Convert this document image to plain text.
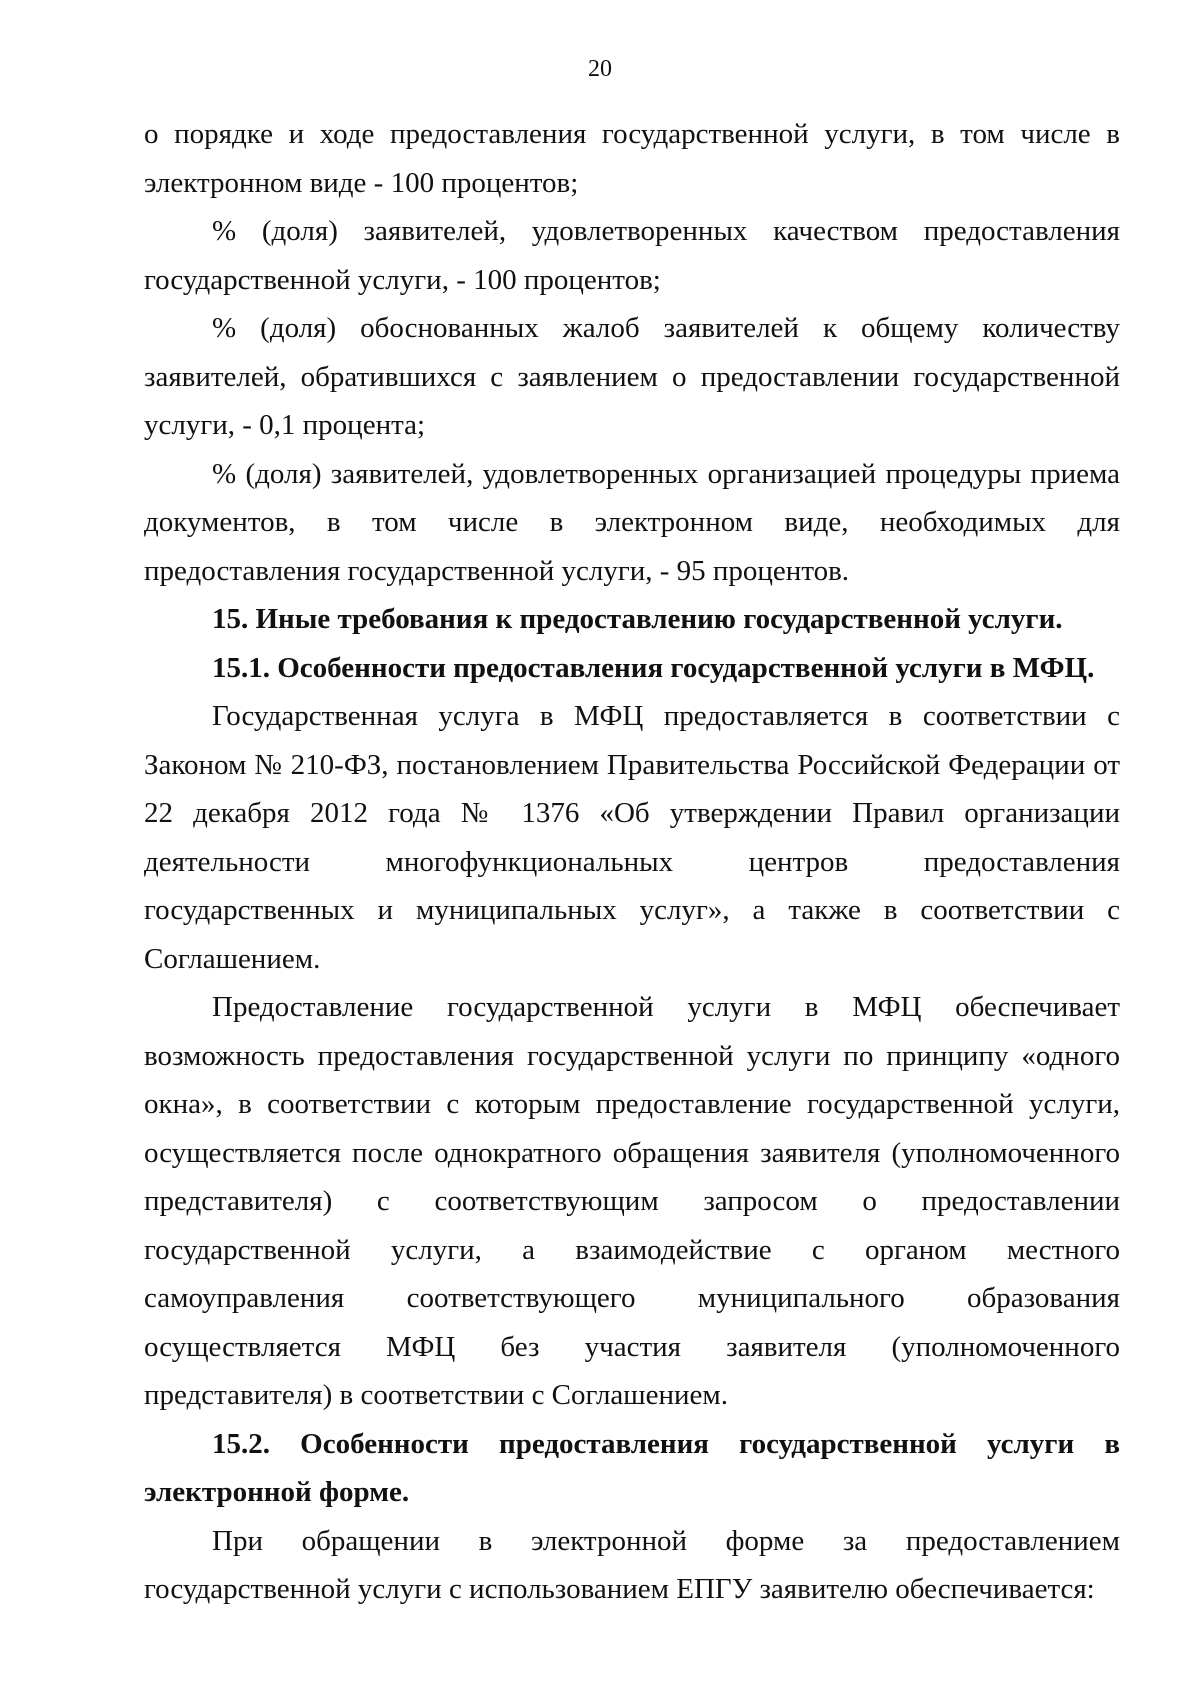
20

о порядке и ходе предоставления государственной услуги, в том числе в электронном виде - 100 процентов;

% (доля) заявителей, удовлетворенных качеством предоставления государственной услуги, - 100 процентов;

% (доля) обоснованных жалоб заявителей к общему количеству заявителей, обратившихся с заявлением о предоставлении государственной услуги, - 0,1 процента;

% (доля) заявителей, удовлетворенных организацией процедуры приема документов, в том числе в электронном виде, необходимых для предоставления государственной услуги, - 95 процентов.

15. Иные требования к предоставлению государственной услуги.

15.1. Особенности предоставления государственной услуги в МФЦ.

Государственная услуга в МФЦ предоставляется в соответствии с Законом № 210-ФЗ, постановлением Правительства Российской Федерации от 22 декабря 2012 года № 1376 «Об утверждении Правил организации деятельности многофункциональных центров предоставления государственных и муниципальных услуг», а также в соответствии с Соглашением.

Предоставление государственной услуги в МФЦ обеспечивает возможность предоставления государственной услуги по принципу «одного окна», в соответствии с которым предоставление государственной услуги, осуществляется после однократного обращения заявителя (уполномоченного представителя) с соответствующим запросом о предоставлении государственной услуги, а взаимодействие с органом местного самоуправления соответствующего муниципального образования осуществляется МФЦ без участия заявителя (уполномоченного представителя) в соответствии с Соглашением.

15.2. Особенности предоставления государственной услуги в электронной форме.

При обращении в электронной форме за предоставлением государственной услуги с использованием ЕПГУ заявителю обеспечивается:
